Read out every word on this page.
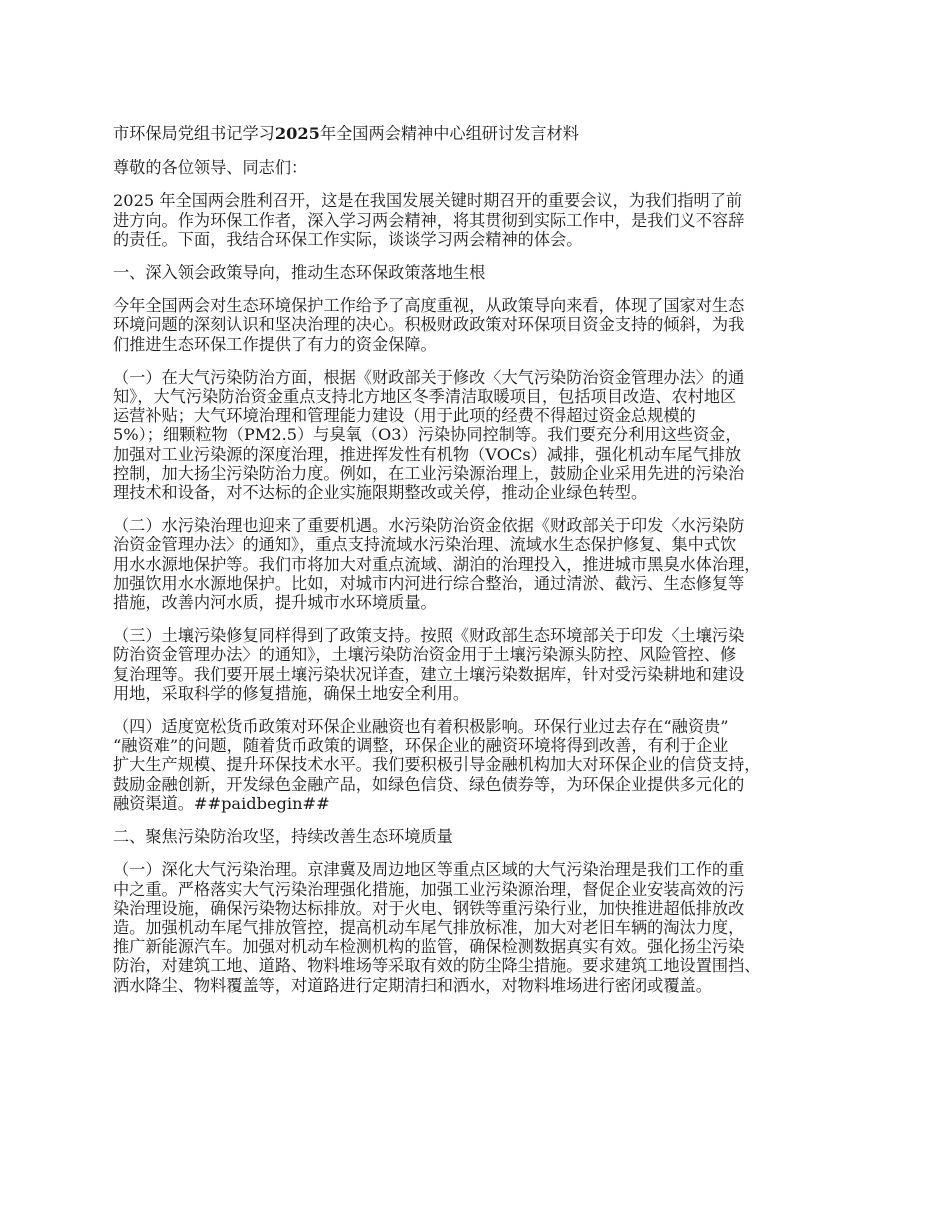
市环保局党组书记学习2025年全国两会精神中心组研讨发言材料
尊敬的各位领导、同志们：
2025 年全国两会胜利召开，这是在我国发展关键时期召开的重要会议，为我们指明了前
进方向。作为环保工作者，深入学习两会精神，将其贯彻到实际工作中，是我们义不容辞
的责任。下面，我结合环保工作实际，谈谈学习两会精神的体会。
一、深入领会政策导向，推动生态环保政策落地生根
今年全国两会对生态环境保护工作给予了高度重视，从政策导向来看，体现了国家对生态
环境问题的深刻认识和坚决治理的决心。积极财政政策对环保项目资金支持的倾斜，为我
们推进生态环保工作提供了有力的资金保障。
（一）在大气污染防治方面，根据《财政部关于修改〈大气污染防治资金管理办法〉的通
知》，大气污染防治资金重点支持北方地区冬季清洁取暖项目，包括项目改造、农村地区
运营补贴；大气环境治理和管理能力建设（用于此项的经费不得超过资金总规模的
5%）；细颗粒物（PM2.5）与臭氧（O3）污染协同控制等。我们要充分利用这些资金，
加强对工业污染源的深度治理，推进挥发性有机物（VOCs）减排，强化机动车尾气排放
控制，加大扬尘污染防治力度。例如，在工业污染源治理上，鼓励企业采用先进的污染治
理技术和设备，对不达标的企业实施限期整改或关停，推动企业绿色转型。
（二）水污染治理也迎来了重要机遇。水污染防治资金依据《财政部关于印发〈水污染防
治资金管理办法〉的通知》，重点支持流域水污染治理、流域水生态保护修复、集中式饮
用水水源地保护等。我们市将加大对重点流域、湖泊的治理投入，推进城市黑臭水体治理，
加强饮用水水源地保护。比如，对城市内河进行综合整治，通过清淤、截污、生态修复等
措施，改善内河水质，提升城市水环境质量。
（三）土壤污染修复同样得到了政策支持。按照《财政部生态环境部关于印发〈土壤污染
防治资金管理办法〉的通知》，土壤污染防治资金用于土壤污染源头防控、风险管控、修
复治理等。我们要开展土壤污染状况详查，建立土壤污染数据库，针对受污染耕地和建设
用地，采取科学的修复措施，确保土地安全利用。
（四）适度宽松货币政策对环保企业融资也有着积极影响。环保行业过去存在“融资贵”
“融资难”的问题，随着货币政策的调整，环保企业的融资环境将得到改善，有利于企业
扩大生产规模、提升环保技术水平。我们要积极引导金融机构加大对环保企业的信贷支持，
鼓励金融创新，开发绿色金融产品，如绿色信贷、绿色债券等，为环保企业提供多元化的
融资渠道。##paidbegin##
二、聚焦污染防治攻坚，持续改善生态环境质量
（一）深化大气污染治理。京津冀及周边地区等重点区域的大气污染治理是我们工作的重
中之重。严格落实大气污染治理强化措施，加强工业污染源治理，督促企业安装高效的污
染治理设施，确保污染物达标排放。对于火电、钢铁等重污染行业，加快推进超低排放改
造。加强机动车尾气排放管控，提高机动车尾气排放标准，加大对老旧车辆的淘汰力度，
推广新能源汽车。加强对机动车检测机构的监管，确保检测数据真实有效。强化扬尘污染
防治，对建筑工地、道路、物料堆场等采取有效的防尘降尘措施。要求建筑工地设置围挡、
洒水降尘、物料覆盖等，对道路进行定期清扫和洒水，对物料堆场进行密闭或覆盖。
